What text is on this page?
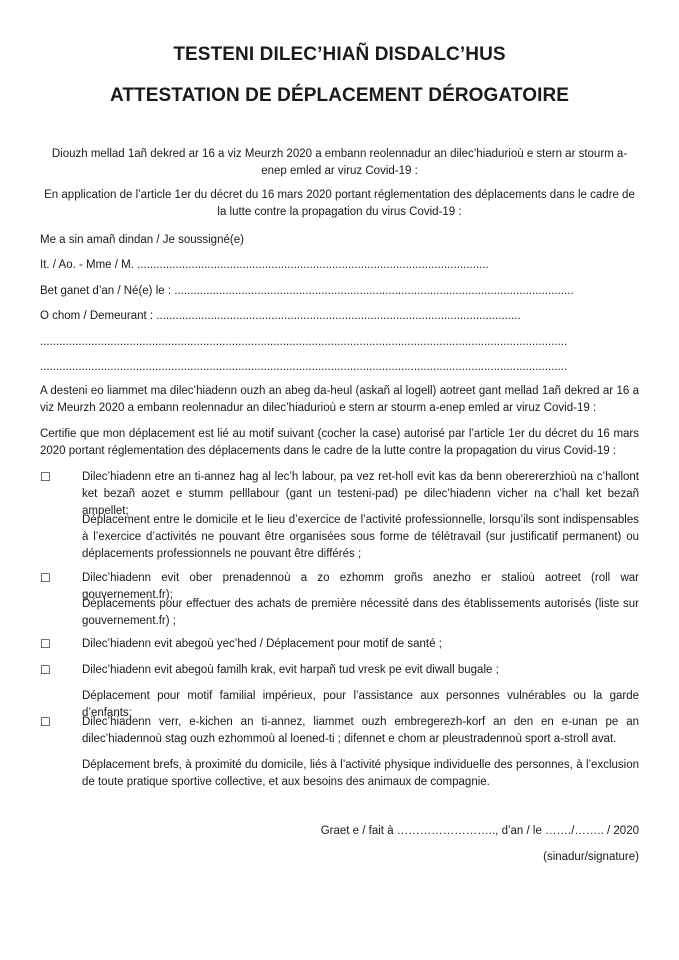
TESTENI DILEC’HIAÑ DISDALC’HUS
ATTESTATION DE DÉPLACEMENT DÉROGATOIRE
Diouzh mellad 1añ dekred ar 16 a viz Meurzh 2020 a embann reolennadur an dilec’hiadurioù e stern ar stourm a-
enep emled ar viruz Covid-19 :
En application de l’article 1er du décret du 16 mars 2020 portant réglementation des déplacements dans le cadre de
la lutte contre la propagation du virus Covid-19 :
Me a sin amañ dindan / Je soussigné(e)
It. / Ao. - Mme / M. ..............................................................................................................
Bet ganet d’an / Né(e) le : .............................................................................................................................
O chom / Demeurant : ..................................................................................................................
.....................................................................................................................................................................
.....................................................................................................................................................................
A desteni eo liammet ma dilec’hiadenn ouzh an abeg da-heul (askañ al logell) aotreet gant mellad 1añ dekred ar 16 a viz Meurzh 2020 a embann reolennadur an dilec’hiadurioù e stern ar stourm a-enep emled ar viruz Covid-19 :
Certifie que mon déplacement est lié au motif suivant (cocher la case) autorisé par l’article 1er du décret du 16 mars 2020 portant réglementation des déplacements dans le cadre de la lutte contre la propagation du virus Covid-19 :
☐	Dilec’hiadenn etre an ti-annez hag al lec’h labour, pa vez ret-holl evit kas da benn oberererzhioù na c’hallont ket bezañ aozet e stumm pelllabour (gant un testeni-pad) pe dilec’hiadenn vicher na c’hall ket bezañ ampellet;
Déplacement entre le domicile et le lieu d’exercice de l’activité professionnelle, lorsqu’ils sont indispensables à l’exercice d’activités ne pouvant être organisées sous forme de télétravail (sur justificatif permanent) ou déplacements professionnels ne pouvant être différés ;
☐	Dilec’hiadenn evit ober prenadennoù a zo ezhomm groñs anezho er stalioù aotreet (roll war gouvernement.fr);
Déplacements pour effectuer des achats de première nécessité dans des établissements autorisés (liste sur gouvernement.fr) ;
☐	Dilec’hiadenn evit abegoù yec’hed / Déplacement pour motif de santé ;
☐	Dilec’hiadenn evit abegoù familh krak, evit harpañ tud vresk pe evit diwall bugale ;
Déplacement pour motif familial impérieux, pour l’assistance aux personnes vulnérables ou la garde d’enfants;
☐	Dilec’hiadenn verr, e-kichen an ti-annez, liammet ouzh embregerezh-korf an den en e-unan pe an dilec’hiadennoù stag ouzh ezhommoù al loened-ti ; difennet e chom ar pleustradennoù sport a-stroll avat.
Déplacement brefs, à proximité du domicile, liés à l’activité physique individuelle des personnes, à l’exclusion de toute pratique sportive collective, et aux besoins des animaux de compagnie.
Graet e / fait à …………………….., d’an / le ……./…….. / 2020
(sinadur/signature)
